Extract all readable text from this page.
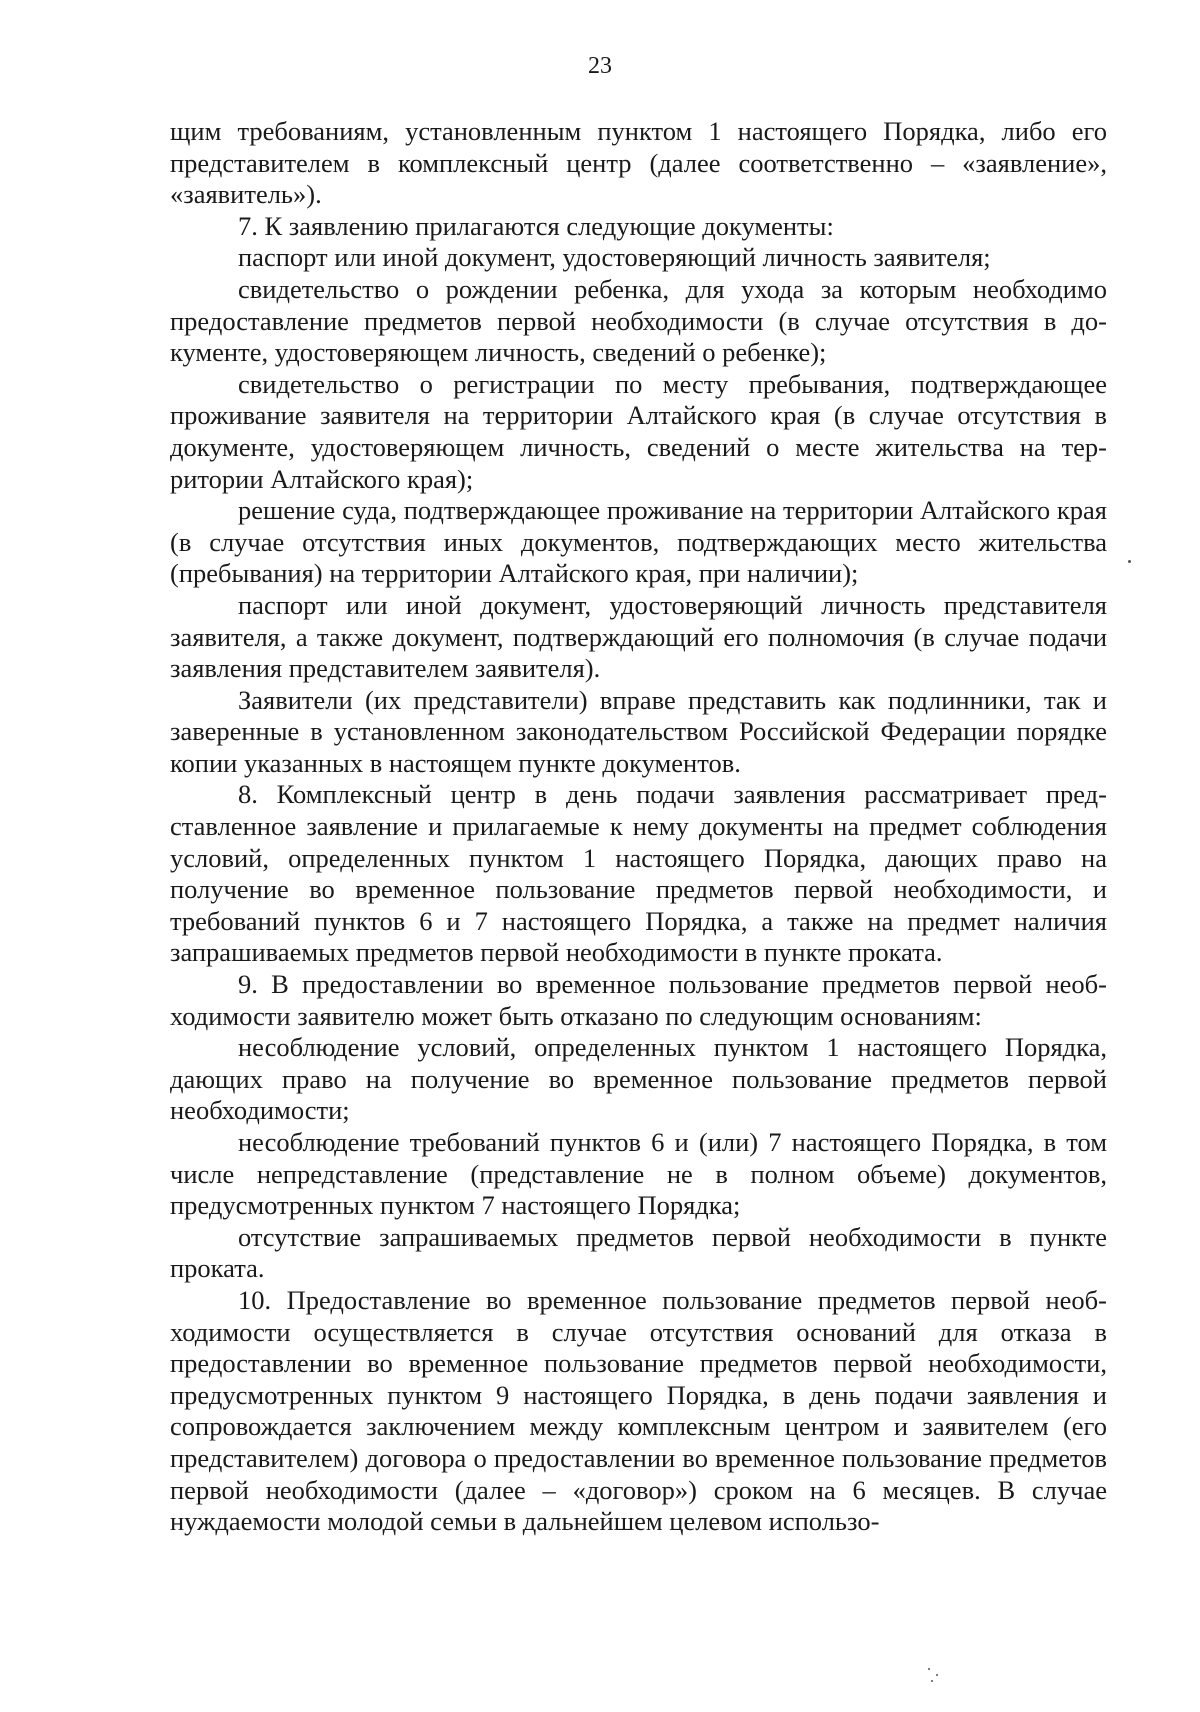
23

щим требованиям, установленным пунктом 1 настоящего Порядка, либо его представителем в комплексный центр (далее соответственно – «заявление», «заявитель»).

7. К заявлению прилагаются следующие документы:

паспорт или иной документ, удостоверяющий личность заявителя;

свидетельство о рождении ребенка, для ухода за которым необходимо предоставление предметов первой необходимости (в случае отсутствия в документе, удостоверяющем личность, сведений о ребенке);

свидетельство о регистрации по месту пребывания, подтверждающее проживание заявителя на территории Алтайского края (в случае отсутствия в документе, удостоверяющем личность, сведений о месте жительства на территории Алтайского края);

решение суда, подтверждающее проживание на территории Алтайского края (в случае отсутствия иных документов, подтверждающих место жительства (пребывания) на территории Алтайского края, при наличии);

паспорт или иной документ, удостоверяющий личность представителя заявителя, а также документ, подтверждающий его полномочия (в случае подачи заявления представителем заявителя).

Заявители (их представители) вправе представить как подлинники, так и заверенные в установленном законодательством Российской Федерации порядке копии указанных в настоящем пункте документов.

8. Комплексный центр в день подачи заявления рассматривает представленное заявление и прилагаемые к нему документы на предмет соблюдения условий, определенных пунктом 1 настоящего Порядка, дающих право на получение во временное пользование предметов первой необходимости, и требований пунктов 6 и 7 настоящего Порядка, а также на предмет наличия запрашиваемых предметов первой необходимости в пункте проката.

9. В предоставлении во временное пользование предметов первой необходимости заявителю может быть отказано по следующим основаниям:

несоблюдение условий, определенных пунктом 1 настоящего Порядка, дающих право на получение во временное пользование предметов первой необходимости;

несоблюдение требований пунктов 6 и (или) 7 настоящего Порядка, в том числе непредставление (представление не в полном объеме) документов, предусмотренных пунктом 7 настоящего Порядка;

отсутствие запрашиваемых предметов первой необходимости в пункте проката.

10. Предоставление во временное пользование предметов первой необходимости осуществляется в случае отсутствия оснований для отказа в предоставлении во временное пользование предметов первой необходимости, предусмотренных пунктом 9 настоящего Порядка, в день подачи заявления и сопровождается заключением между комплексным центром и заявителем (его представителем) договора о предоставлении во временное пользование предметов первой необходимости (далее – «договор») сроком на 6 месяцев. В случае нуждаемости молодой семьи в дальнейшем целевом использо-
